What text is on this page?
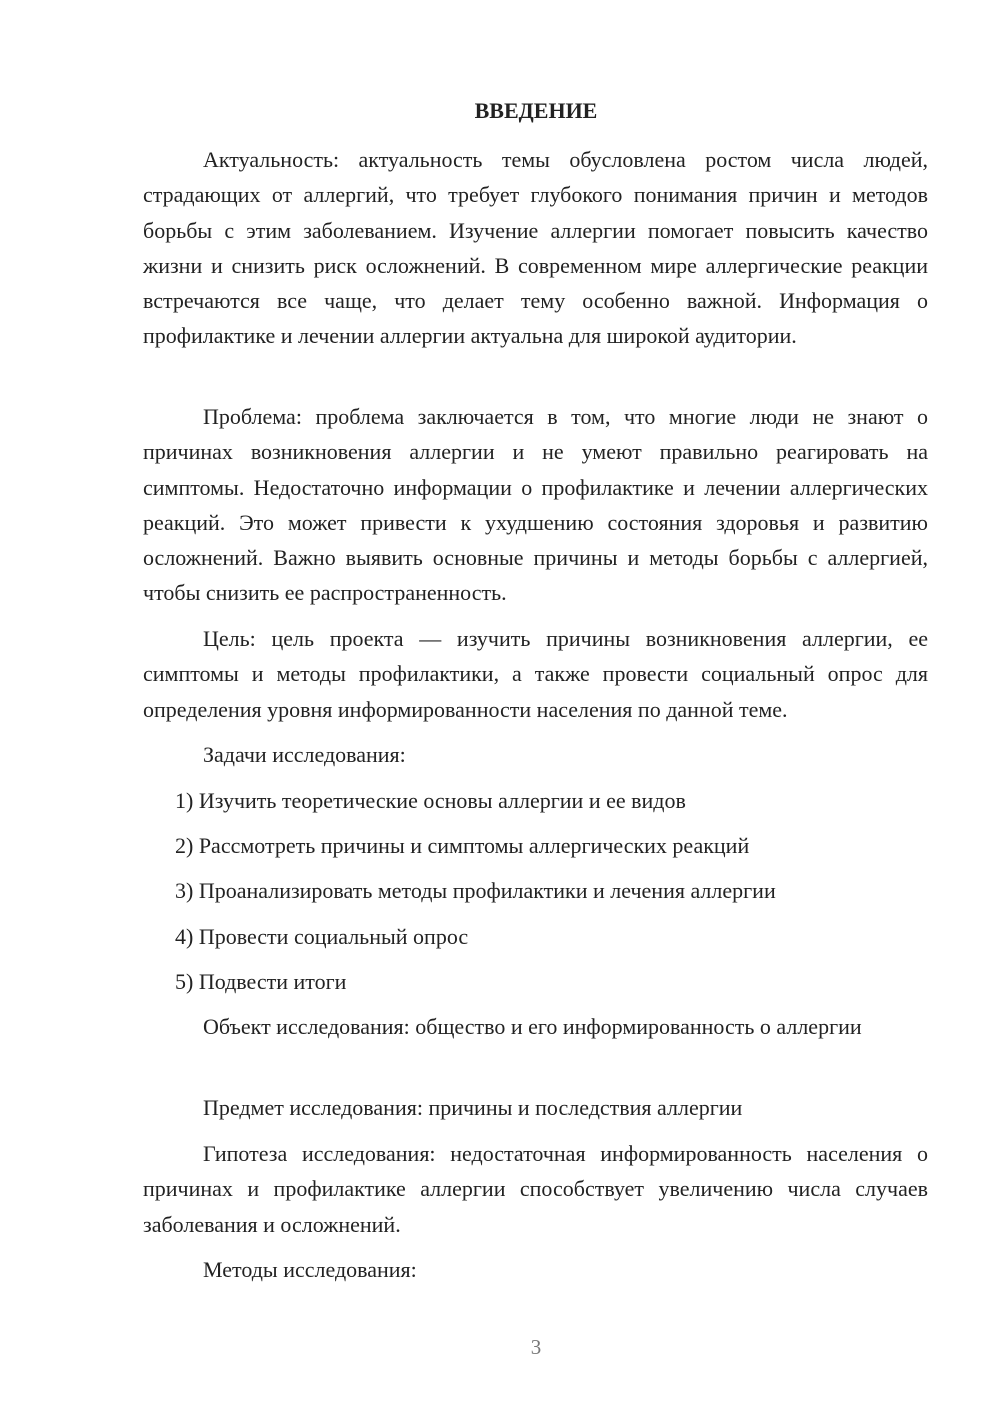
ВВЕДЕНИЕ

Актуальность: актуальность темы обусловлена ростом числа людей, страдающих от аллергий, что требует глубокого понимания причин и методов борьбы с этим заболеванием. Изучение аллергии помогает повысить качество жизни и снизить риск осложнений. В современном мире аллергические реакции встречаются все чаще, что делает тему особенно важной. Информация о профилактике и лечении аллергии актуальна для широкой аудитории.

Проблема: проблема заключается в том, что многие люди не знают о причинах возникновения аллергии и не умеют правильно реагировать на симптомы. Недостаточно информации о профилактике и лечении аллергических реакций. Это может привести к ухудшению состояния здоровья и развитию осложнений. Важно выявить основные причины и методы борьбы с аллергией, чтобы снизить ее распространенность.

Цель: цель проекта — изучить причины возникновения аллергии, ее симптомы и методы профилактики, а также провести социальный опрос для определения уровня информированности населения по данной теме.

Задачи исследования:

1) Изучить теоретические основы аллергии и ее видов

2) Рассмотреть причины и симптомы аллергических реакций

3) Проанализировать методы профилактики и лечения аллергии

4) Провести социальный опрос

5) Подвести итоги

Объект исследования: общество и его информированность о аллергии

Предмет исследования: причины и последствия аллергии

Гипотеза исследования: недостаточная информированность населения о причинах и профилактике аллергии способствует увеличению числа случаев заболевания и осложнений.

Методы исследования:

3
